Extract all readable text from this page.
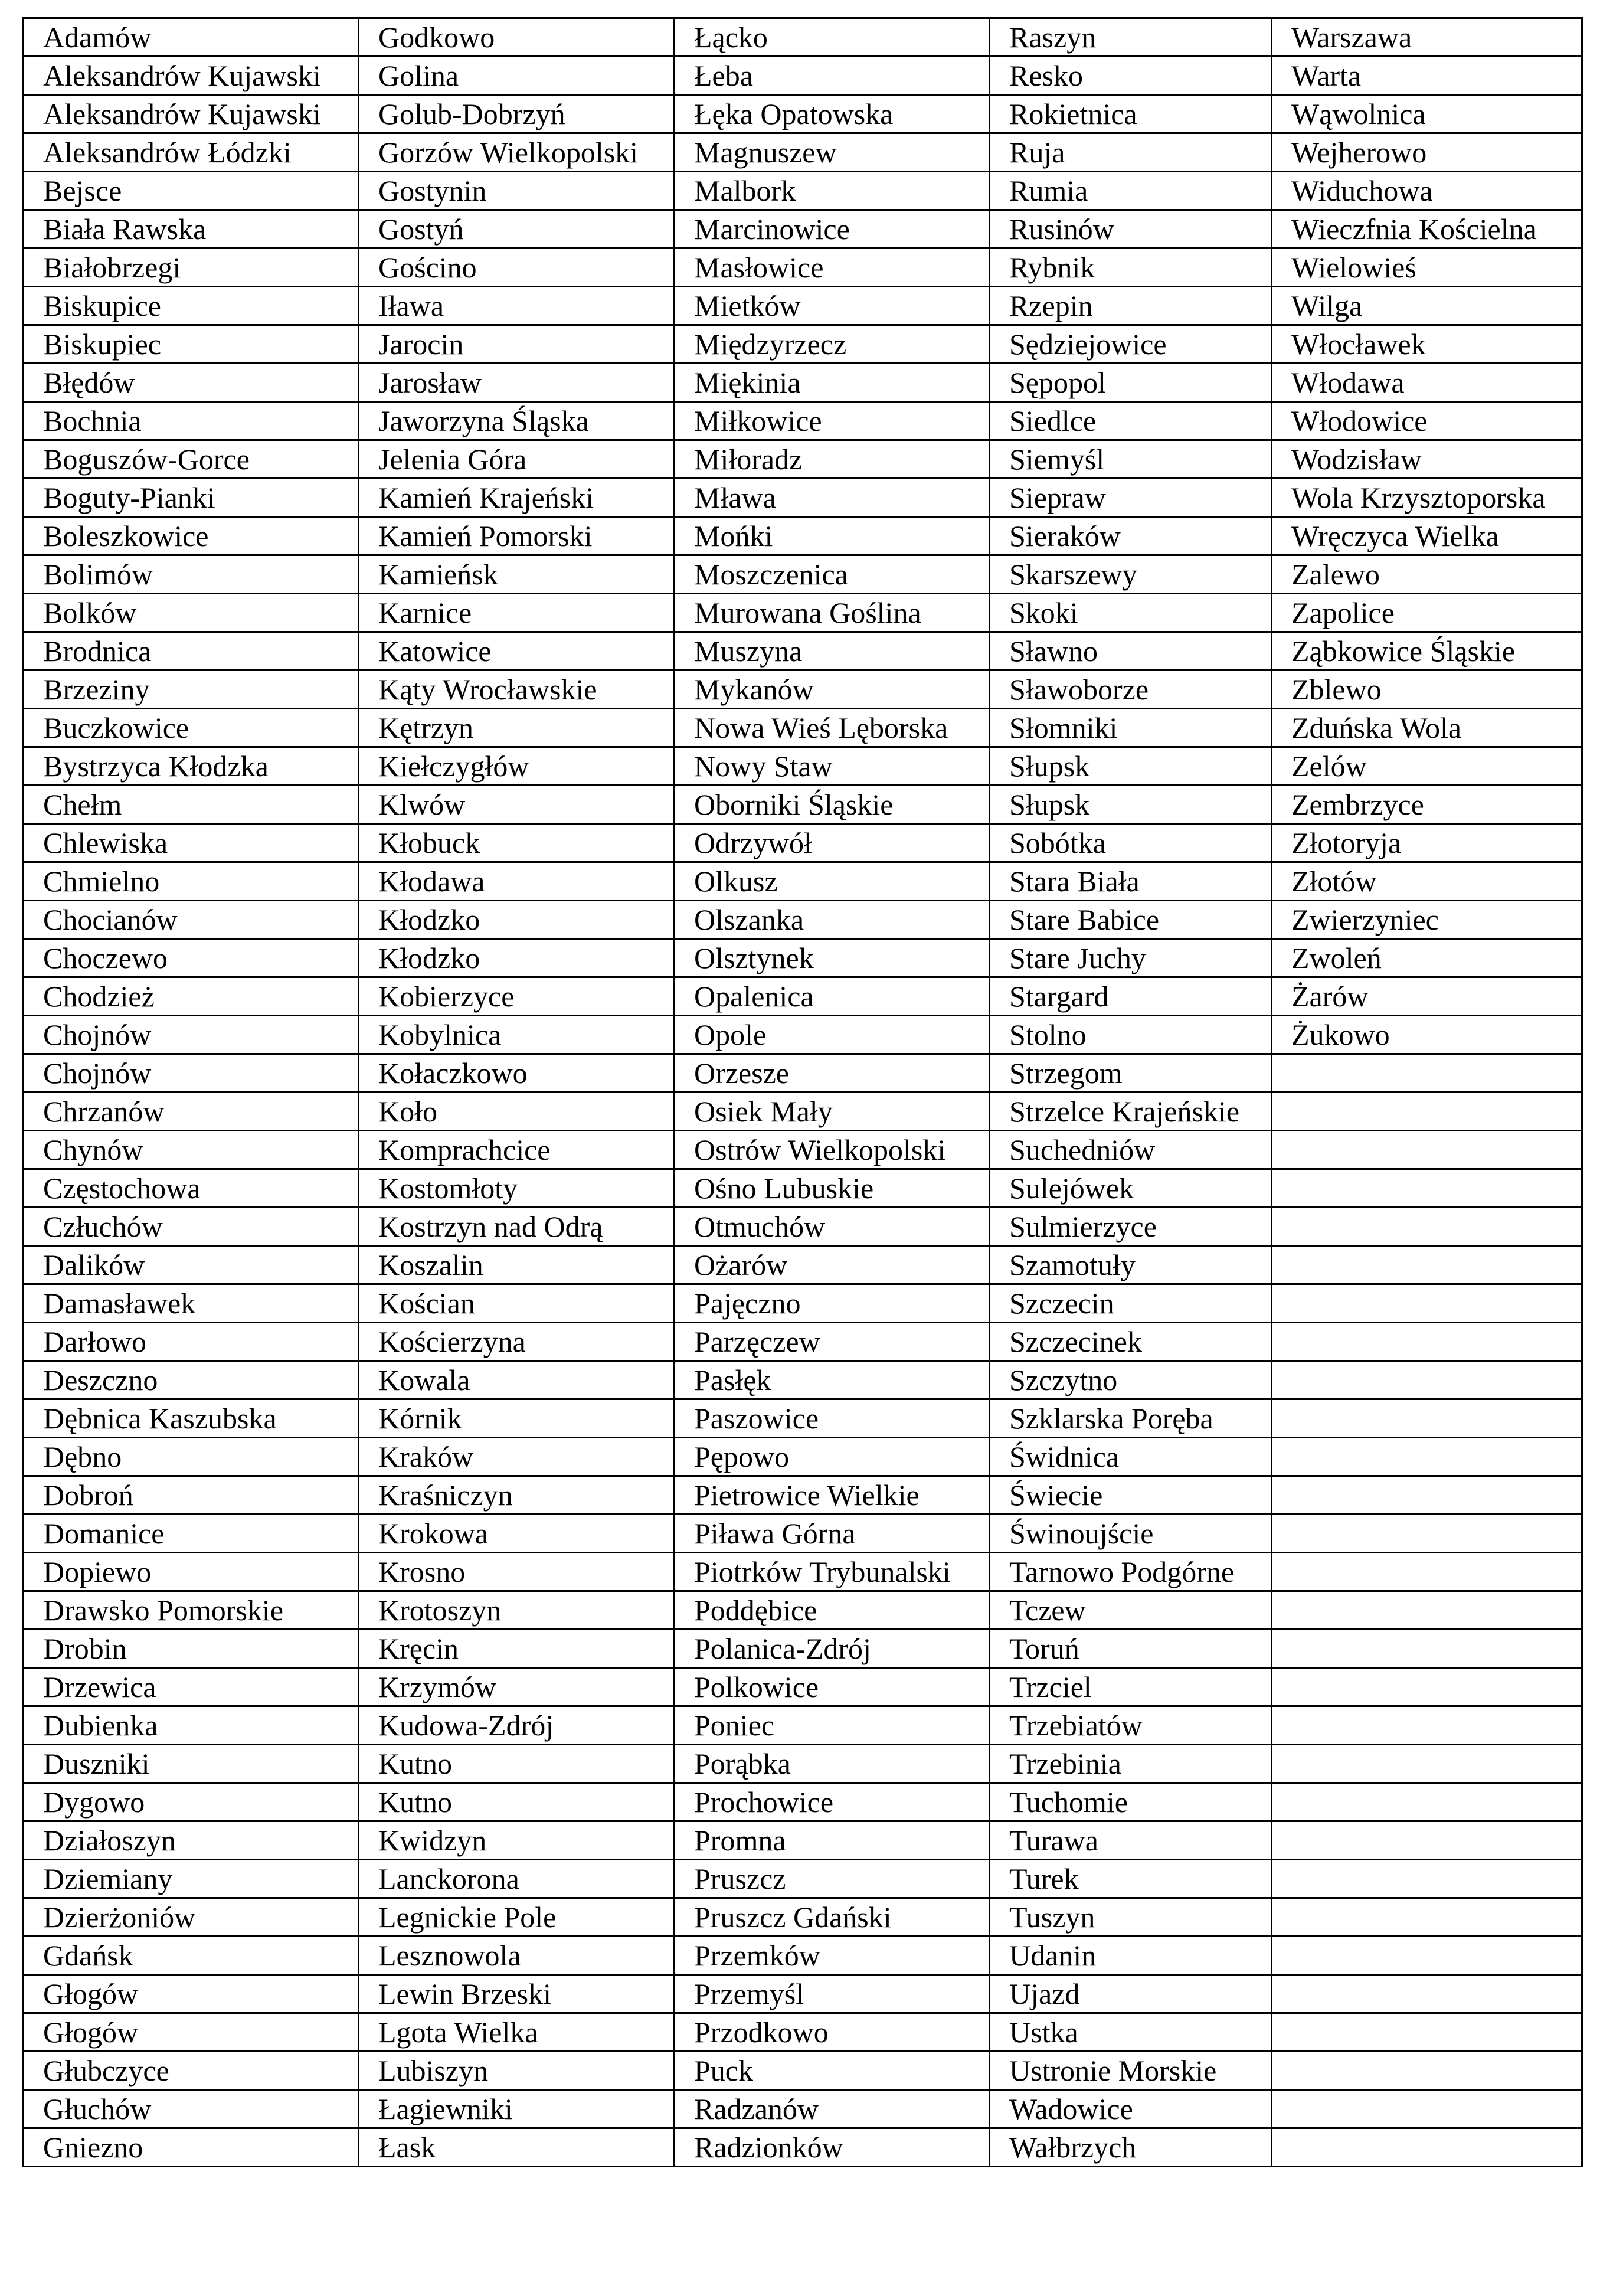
Adamów	Godkowo	Łącko	Raszyn	Warszawa
Aleksandrów Kujawski	Golina	Łeba	Resko	Warta
Aleksandrów Kujawski	Golub-Dobrzyń	Łęka Opatowska	Rokietnica	Wąwolnica
Aleksandrów Łódzki	Gorzów Wielkopolski	Magnuszew	Ruja	Wejherowo
Bejsce	Gostynin	Malbork	Rumia	Widuchowa
Biała Rawska	Gostyń	Marcinowice	Rusinów	Wieczfnia Kościelna
Białobrzegi	Gościno	Masłowice	Rybnik	Wielowieś
Biskupice	Iława	Mietków	Rzepin	Wilga
Biskupiec	Jarocin	Międzyrzecz	Sędziejowice	Włocławek
Błędów	Jarosław	Miękinia	Sępopol	Włodawa
Bochnia	Jaworzyna Śląska	Miłkowice	Siedlce	Włodowice
Boguszów-Gorce	Jelenia Góra	Miłoradz	Siemyśl	Wodzisław
Boguty-Pianki	Kamień Krajeński	Mława	Siepraw	Wola Krzysztoporska
Boleszkowice	Kamień Pomorski	Mońki	Sieraków	Wręczyca Wielka
Bolimów	Kamieńsk	Moszczenica	Skarszewy	Zalewo
Bolków	Karnice	Murowana Goślina	Skoki	Zapolice
Brodnica	Katowice	Muszyna	Sławno	Ząbkowice Śląskie
Brzeziny	Kąty Wrocławskie	Mykanów	Sławoborze	Zblewo
Buczkowice	Kętrzyn	Nowa Wieś Lęborska	Słomniki	Zduńska Wola
Bystrzyca Kłodzka	Kiełczygłów	Nowy Staw	Słupsk	Zelów
Chełm	Klwów	Oborniki Śląskie	Słupsk	Zembrzyce
Chlewiska	Kłobuck	Odrzywół	Sobótka	Złotoryja
Chmielno	Kłodawa	Olkusz	Stara Biała	Złotów
Chocianów	Kłodzko	Olszanka	Stare Babice	Zwierzyniec
Choczewo	Kłodzko	Olsztynek	Stare Juchy	Zwoleń
Chodzież	Kobierzyce	Opalenica	Stargard	Żarów
Chojnów	Kobylnica	Opole	Stolno	Żukowo
Chojnów	Kołaczkowo	Orzesze	Strzegom	
Chrzanów	Koło	Osiek Mały	Strzelce Krajeńskie	
Chynów	Komprachcice	Ostrów Wielkopolski	Suchedniów	
Częstochowa	Kostomłoty	Ośno Lubuskie	Sulejówek	
Człuchów	Kostrzyn nad Odrą	Otmuchów	Sulmierzyce	
Dalików	Koszalin	Ożarów	Szamotuły	
Damasławek	Kościan	Pajęczno	Szczecin	
Darłowo	Kościerzyna	Parzęczew	Szczecinek	
Deszczno	Kowala	Pasłęk	Szczytno	
Dębnica Kaszubska	Kórnik	Paszowice	Szklarska Poręba	
Dębno	Kraków	Pępowo	Świdnica	
Dobroń	Kraśniczyn	Pietrowice Wielkie	Świecie	
Domanice	Krokowa	Piława Górna	Świnoujście	
Dopiewo	Krosno	Piotrków Trybunalski	Tarnowo Podgórne	
Drawsko Pomorskie	Krotoszyn	Poddębice	Tczew	
Drobin	Kręcin	Polanica-Zdrój	Toruń	
Drzewica	Krzymów	Polkowice	Trzciel	
Dubienka	Kudowa-Zdrój	Poniec	Trzebiatów	
Duszniki	Kutno	Porąbka	Trzebinia	
Dygowo	Kutno	Prochowice	Tuchomie	
Działoszyn	Kwidzyn	Promna	Turawa	
Dziemiany	Lanckorona	Pruszcz	Turek	
Dzierżoniów	Legnickie Pole	Pruszcz Gdański	Tuszyn	
Gdańsk	Lesznowola	Przemków	Udanin	
Głogów	Lewin Brzeski	Przemyśl	Ujazd	
Głogów	Lgota Wielka	Przodkowo	Ustka	
Głubczyce	Lubiszyn	Puck	Ustronie Morskie	
Głuchów	Łagiewniki	Radzanów	Wadowice	
Gniezno	Łask	Radzionków	Wałbrzych	
